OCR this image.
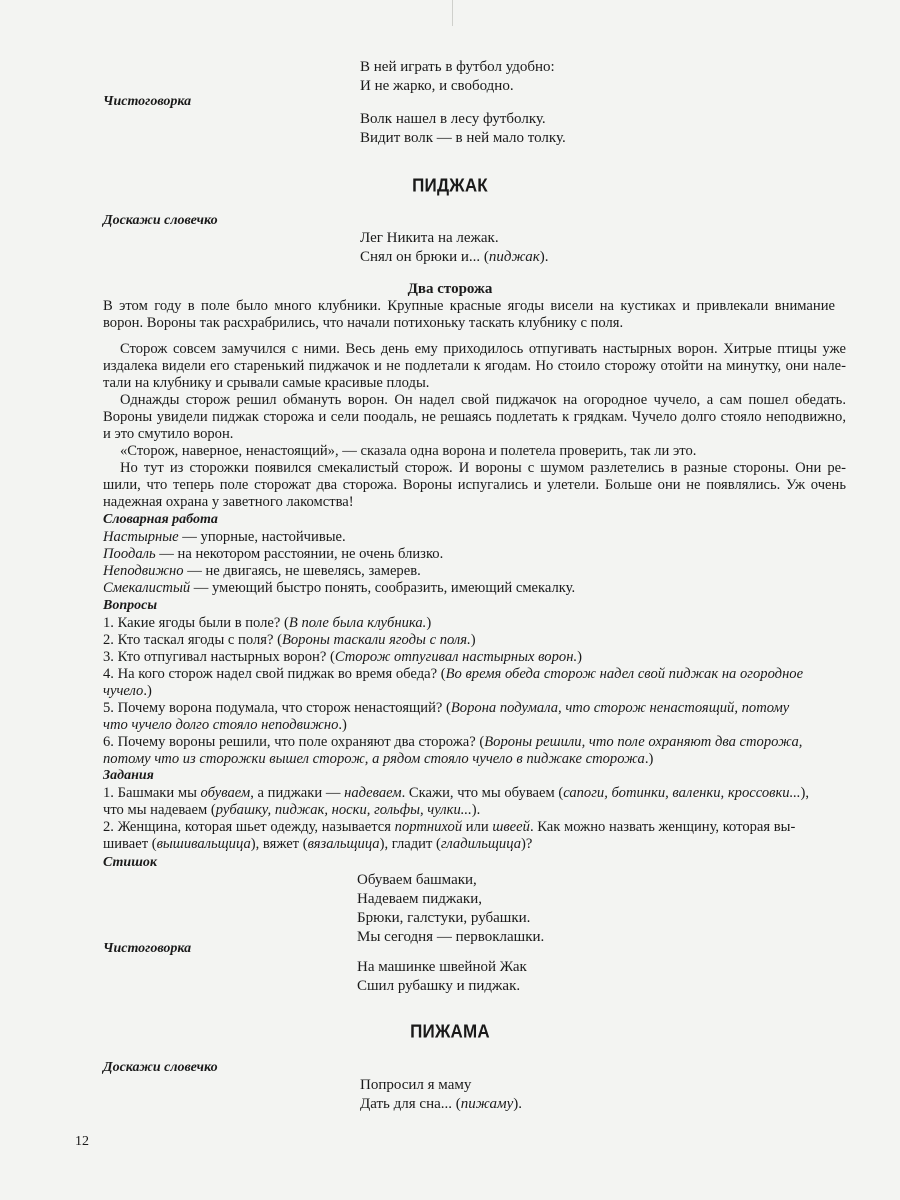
В ней играть в футбол удобно:
И не жарко, и свободно.
Чистоговорка
Волк нашел в лесу футболку.
Видит волк — в ней мало толку.
ПИДЖАК
Доскажи словечко
Лег Никита на лежак.
Снял он брюки и... (пиджак).
Два сторожа
В этом году в поле было много клубники. Крупные красные ягоды висели на кустиках и привлекали внимание
ворон. Вороны так расхрабрились, что начали потихоньку таскать клубнику с поля.
Сторож совсем замучился с ними. Весь день ему приходилось отпугивать настырных ворон. Хитрые птицы уже
издалека видели его старенький пиджачок и не подлетали к ягодам. Но стоило сторожу отойти на минутку, они нале-
тали на клубнику и срывали самые красивые плоды.
Однажды сторож решил обмануть ворон. Он надел свой пиджачок на огородное чучело, а сам пошел обедать.
Вороны увидели пиджак сторожа и сели поодаль, не решаясь подлетать к грядкам. Чучело долго стояло неподвижно,
и это смутило ворон.
«Сторож, наверное, ненастоящий», — сказала одна ворона и полетела проверить, так ли это.
Но тут из сторожки появился смекалистый сторож. И вороны с шумом разлетелись в разные стороны. Они ре-
шили, что теперь поле сторожат два сторожа. Вороны испугались и улетели. Больше они не появлялись. Уж очень
надежная охрана у заветного лакомства!
Словарная работа
Настырные — упорные, настойчивые.
Поодаль — на некотором расстоянии, не очень близко.
Неподвижно — не двигаясь, не шевелясь, замерев.
Смекалистый — умеющий быстро понять, сообразить, имеющий смекалку.
Вопросы
1. Какие ягоды были в поле? (В поле была клубника.)
2. Кто таскал ягоды с поля? (Вороны таскали ягоды с поля.)
3. Кто отпугивал настырных ворон? (Сторож отпугивал настырных ворон.)
4. На кого сторож надел свой пиджак во время обеда? (Во время обеда сторож надел свой пиджак на огородное
чучело.)
5. Почему ворона подумала, что сторож ненастоящий? (Ворона подумала, что сторож ненастоящий, потому
что чучело долго стояло неподвижно.)
6. Почему вороны решили, что поле охраняют два сторожа? (Вороны решили, что поле охраняют два сторожа,
потому что из сторожки вышел сторож, а рядом стояло чучело в пиджаке сторожа.)
Задания
1. Башмаки мы обуваем, а пиджаки — надеваем. Скажи, что мы обуваем (сапоги, ботинки, валенки, кроссовки...),
что мы надеваем (рубашку, пиджак, носки, гольфы, чулки...).
2. Женщина, которая шьет одежду, называется портнихой или швеей. Как можно назвать женщину, которая вы-
шивает (вышивальщица), вяжет (вязальщица), гладит (гладильщица)?
Стишок
Обуваем башмаки,
Надеваем пиджаки,
Брюки, галстуки, рубашки.
Мы сегодня — первоклашки.
Чистоговорка
На машинке швейной Жак
Сшил рубашку и пиджак.
ПИЖАМА
Доскажи словечко
Попросил я маму
Дать для сна... (пижаму).
12
